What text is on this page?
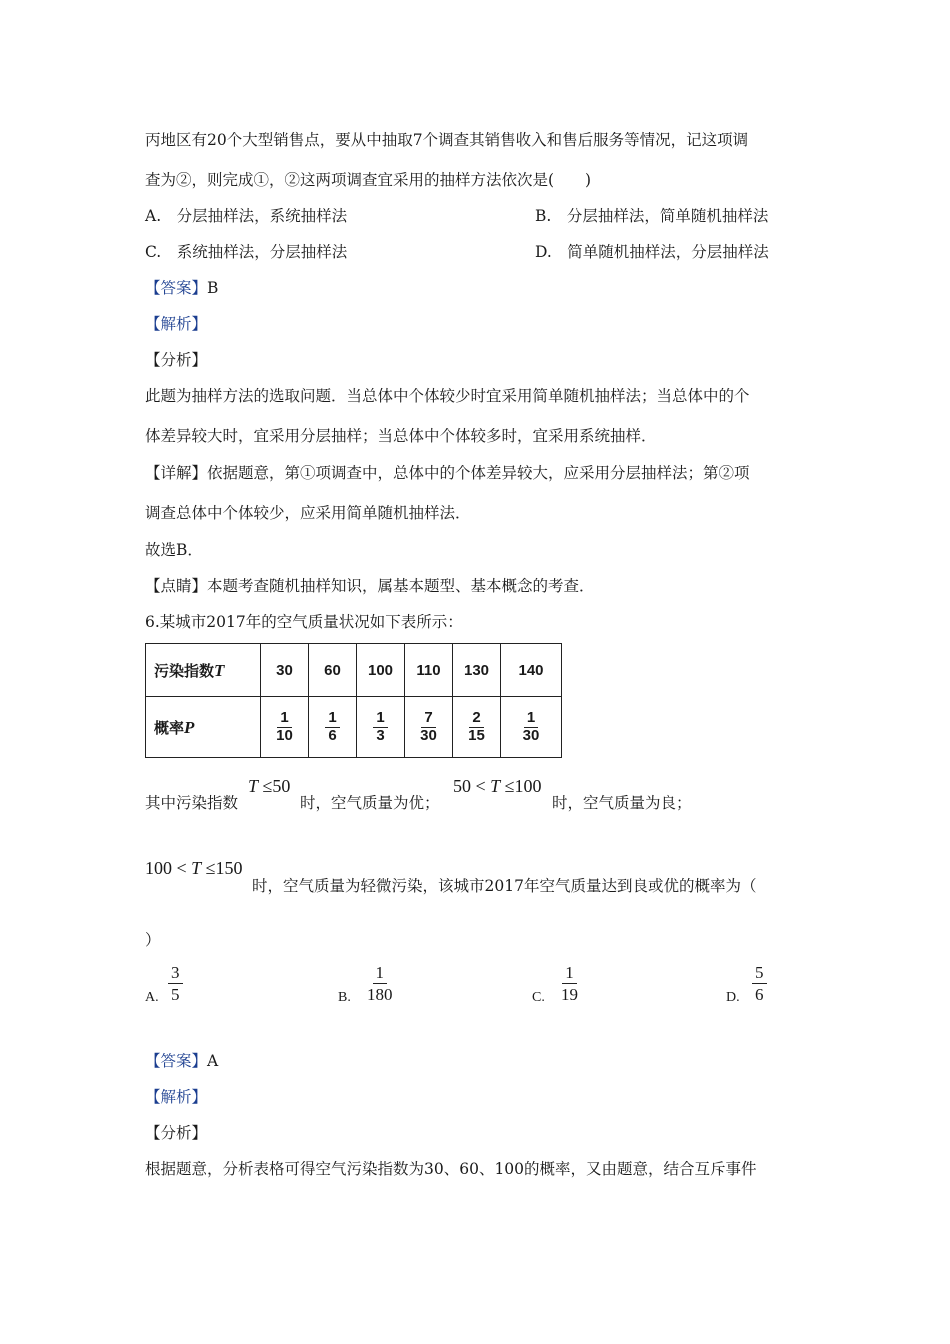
丙地区有20个大型销售点，要从中抽取7个调查其销售收入和售后服务等情况，记这项调
查为②，则完成①，②这两项调查宜采用的抽样方法依次是(　　)
A.　分层抽样法，系统抽样法	B.　分层抽样法，简单随机抽样法
C.　系统抽样法，分层抽样法	D.　简单随机抽样法，分层抽样法
【答案】B
【解析】
【分析】
此题为抽样方法的选取问题．当总体中个体较少时宜采用简单随机抽样法；当总体中的个
体差异较大时，宜采用分层抽样；当总体中个体较多时，宜采用系统抽样．
【详解】依据题意，第①项调查中，总体中的个体差异较大，应采用分层抽样法；第②项
调查总体中个体较少，应采用简单随机抽样法．
故选B．
【点睛】本题考查随机抽样知识，属基本题型、基本概念的考查．
6.某城市2017年的空气质量状况如下表所示：
污染指数T	30	60	100	110	130	140
概率P	$\frac{1}{10}$	$\frac{1}{6}$	$\frac{1}{3}$	$\frac{7}{30}$	$\frac{2}{15}$	$\frac{1}{30}$
其中污染指数
T ≤50
时，空气质量为优；
50 < T ≤100
时，空气质量为良；
100 < T ≤150
时，空气质量为轻微污染，该城市2017年空气质量达到良或优的概率为（
）
A. $\frac{3}{5}$	B. $\frac{1}{180}$	C. $\frac{1}{19}$	D. $\frac{5}{6}$
【答案】A
【解析】
【分析】
根据题意，分析表格可得空气污染指数为30、60、100的概率，又由题意，结合互斥事件
